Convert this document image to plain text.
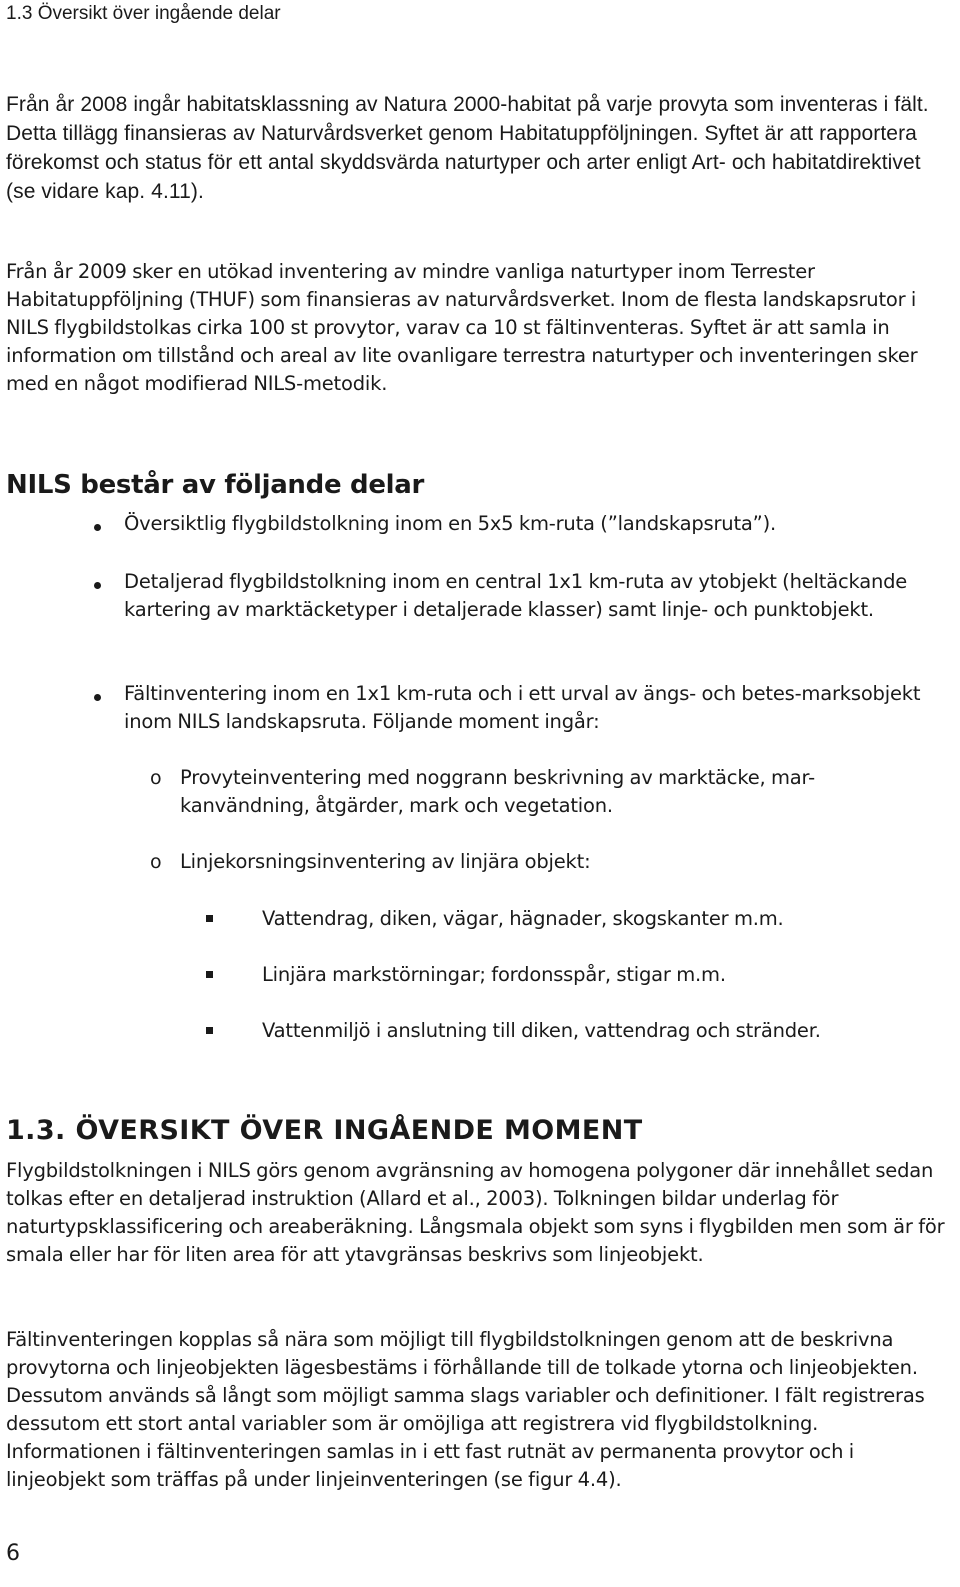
1.3 Översikt över ingående delar

Från år 2008 ingår habitatsklassning av Natura 2000-habitat på varje provyta som inventeras i fält. Detta tillägg finansieras av Naturvårdsverket genom Habitatuppföljningen. Syftet är att rapportera förekomst och status för ett antal skyddsvärda naturtyper och arter enligt Art- och habitatdirektivet (se vidare kap. 4.11).

Från år 2009 sker en utökad inventering av mindre vanliga naturtyper inom Terrester Habitatuppföljning (THUF) som finansieras av naturvårdsverket. Inom de flesta landskapsrutor i NILS flygbildstolkas cirka 100 st provytor, varav ca 10 st fältinventeras. Syftet är att samla in information om tillstånd och areal av lite ovanligare terrestra naturtyper och inventeringen sker med en något modifierad NILS-metodik.

NILS består av följande delar

Översiktlig flygbildstolkning inom en 5x5 km-ruta (”landskapsruta”).

Detaljerad flygbildstolkning inom en central 1x1 km-ruta av ytobjekt (heltäckande kartering av marktäcketyper i detaljerade klasser) samt linje- och punktobjekt.

Fältinventering inom en 1x1 km-ruta och i ett urval av ängs- och betes-marksobjekt inom NILS landskapsruta. Följande moment ingår:

o Provyteinventering med noggrann beskrivning av marktäcke, mar-kanvändning, åtgärder, mark och vegetation.

o Linjekorsningsinventering av linjära objekt:

Vattendrag, diken, vägar, hägnader, skogskanter m.m.

Linjära markstörningar; fordonsspår, stigar m.m.

Vattenmiljö i anslutning till diken, vattendrag och stränder.

1.3. ÖVERSIKT ÖVER INGÅENDE MOMENT

Flygbildstolkningen i NILS görs genom avgränsning av homogena polygoner där innehållet sedan tolkas efter en detaljerad instruktion (Allard et al., 2003). Tolkningen bildar underlag för naturtypsklassificering och areaberäkning. Långsmala objekt som syns i flygbilden men som är för smala eller har för liten area för att ytavgränsas beskrivs som linjeobjekt.

Fältinventeringen kopplas så nära som möjligt till flygbildstolkningen genom att de beskrivna provytorna och linjeobjekten lägesbestäms i förhållande till de tolkade ytorna och linjeobjekten. Dessutom används så långt som möjligt samma slags variabler och definitioner. I fält registreras dessutom ett stort antal variabler som är omöjliga att registrera vid flygbildstolkning. Informationen i fältinventeringen samlas in i ett fast rutnät av permanenta provytor och i linjeobjekt som träffas på under linjeinventeringen (se figur 4.4).

6
